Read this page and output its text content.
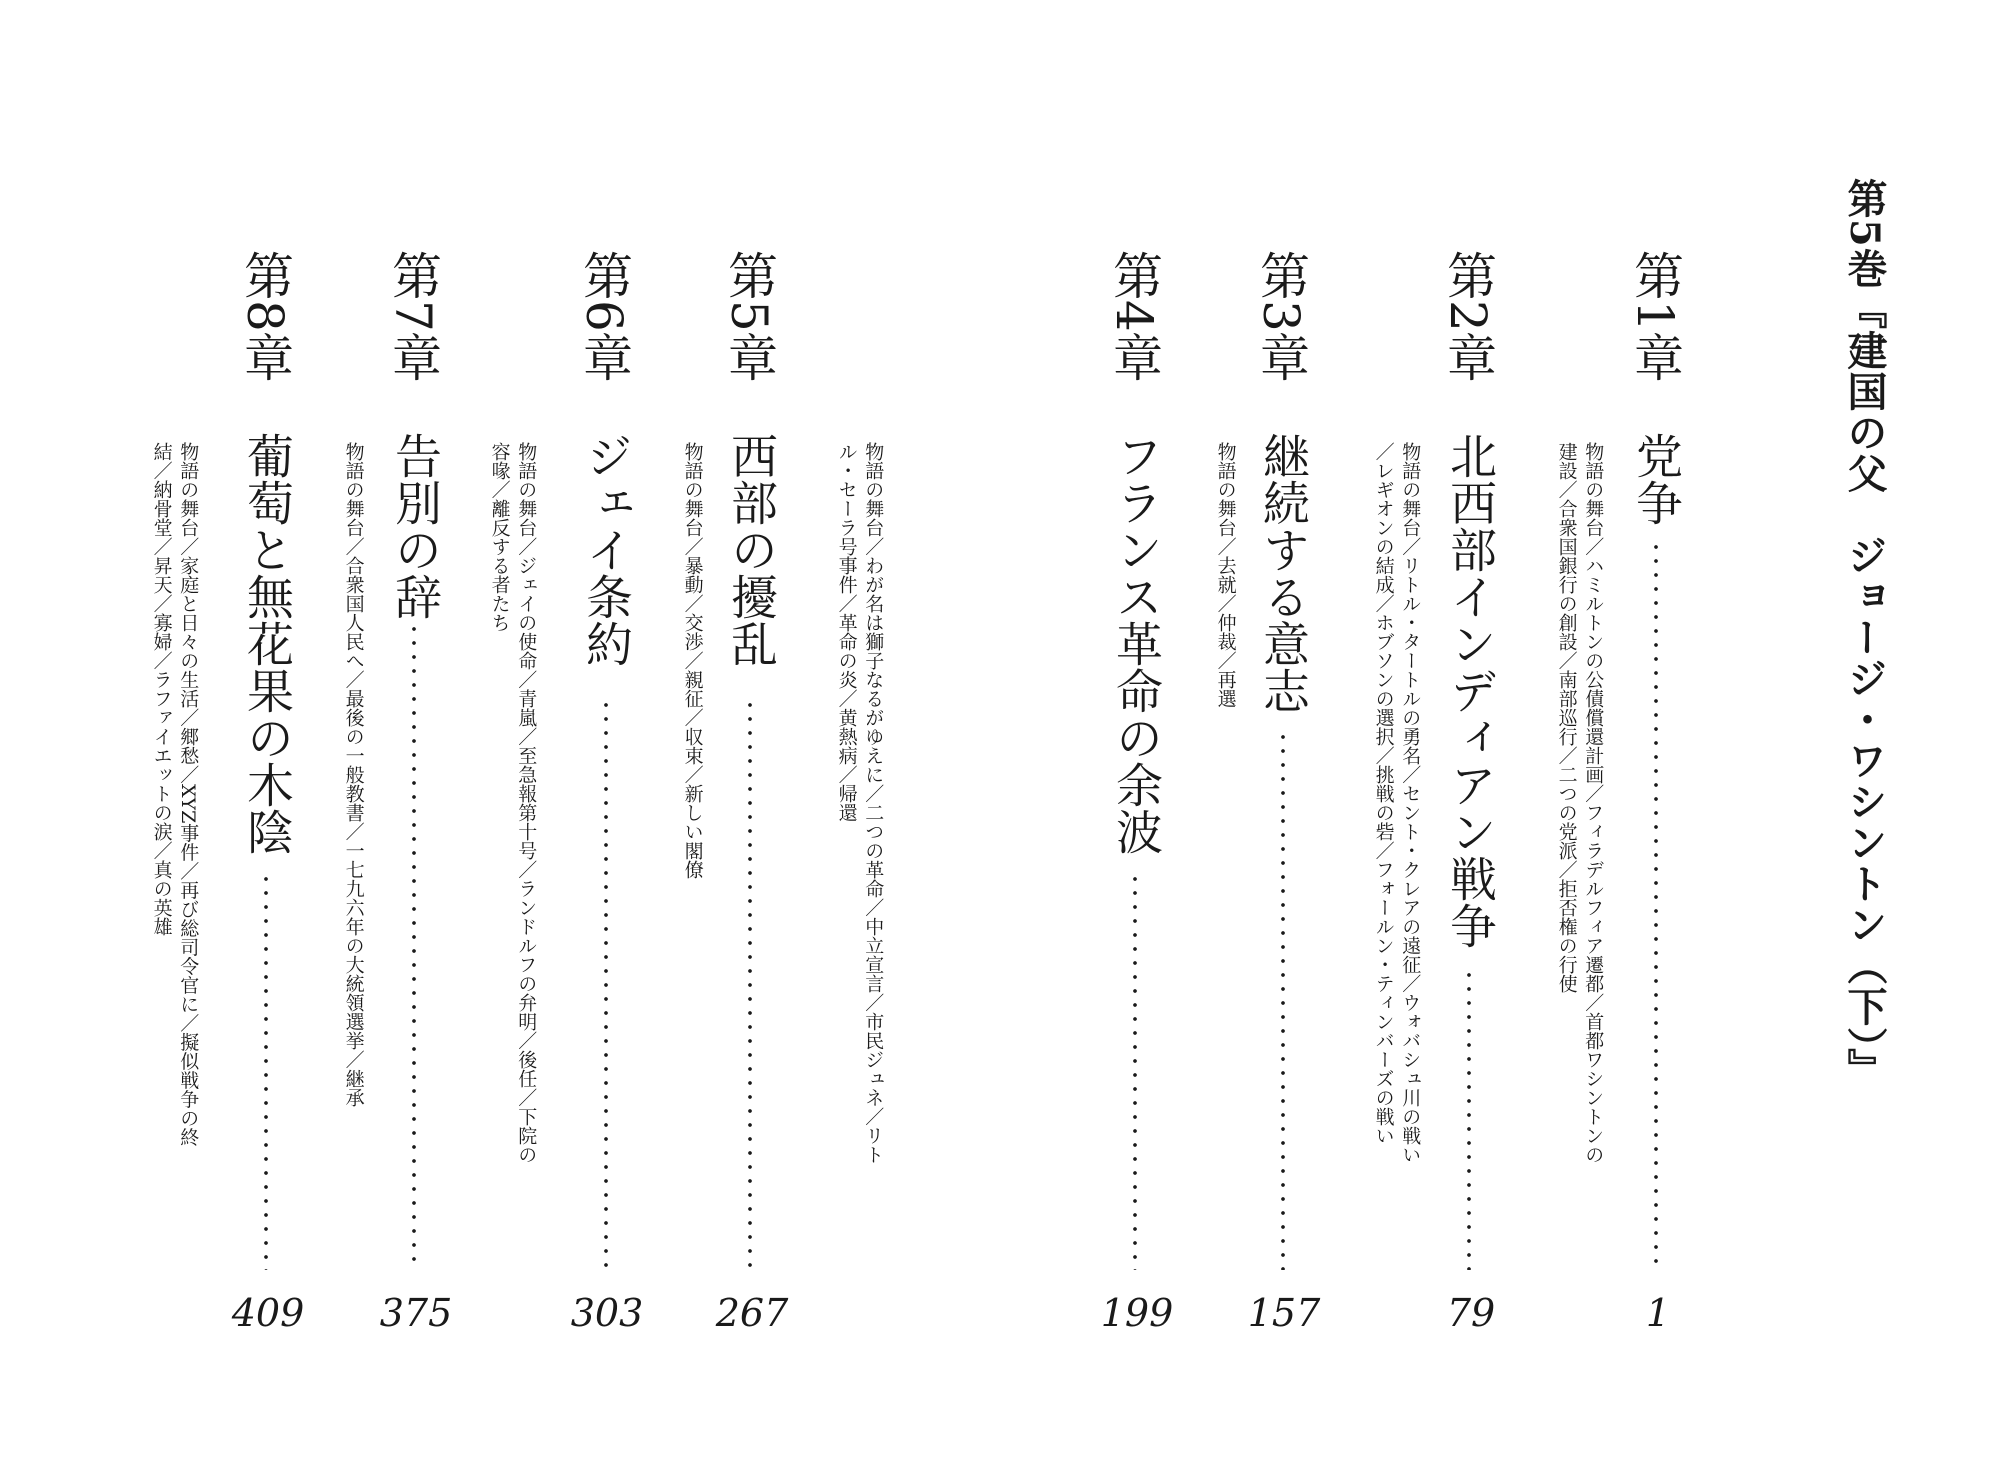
第5巻『建国の父　ジョージ・ワシントン（下）』
第1章
党争
1
物語の舞台／ハミルトンの公債償還計画／フィラデルフィア遷都／首都ワシントンの
建設／合衆国銀行の創設／南部巡行／二つの党派／拒否権の行使
第2章
北西部インディアン戦争
79
物語の舞台／リトル・タートルの勇名／セント・クレアの遠征／ウォバシュ川の戦い
／レギオンの結成／ホブソンの選択／挑戦の砦／フォールン・ティンバーズの戦い
第3章
継続する意志
157
物語の舞台／去就／仲裁／再選
第4章
フランス革命の余波
199
物語の舞台／わが名は獅子なるがゆえに／二つの革命／中立宣言／市民ジュネ／リト
ル・セーラ号事件／革命の炎／黄熱病／帰還
第5章
西部の擾乱
267
物語の舞台／暴動／交渉／親征／収束／新しい閣僚
第6章
ジェイ条約
303
物語の舞台／ジェイの使命／青嵐／至急報第十号／ランドルフの弁明／後任／下院の
容喙／離反する者たち
第7章
告別の辞
375
物語の舞台／合衆国人民へ／最後の一般教書／一七九六年の大統領選挙／継承
第8章
葡萄と無花果の木陰
409
物語の舞台／家庭と日々の生活／郷愁／XYZ事件／再び総司令官に／擬似戦争の終
結／納骨堂／昇天／寡婦／ラファイエットの涙／真の英雄
